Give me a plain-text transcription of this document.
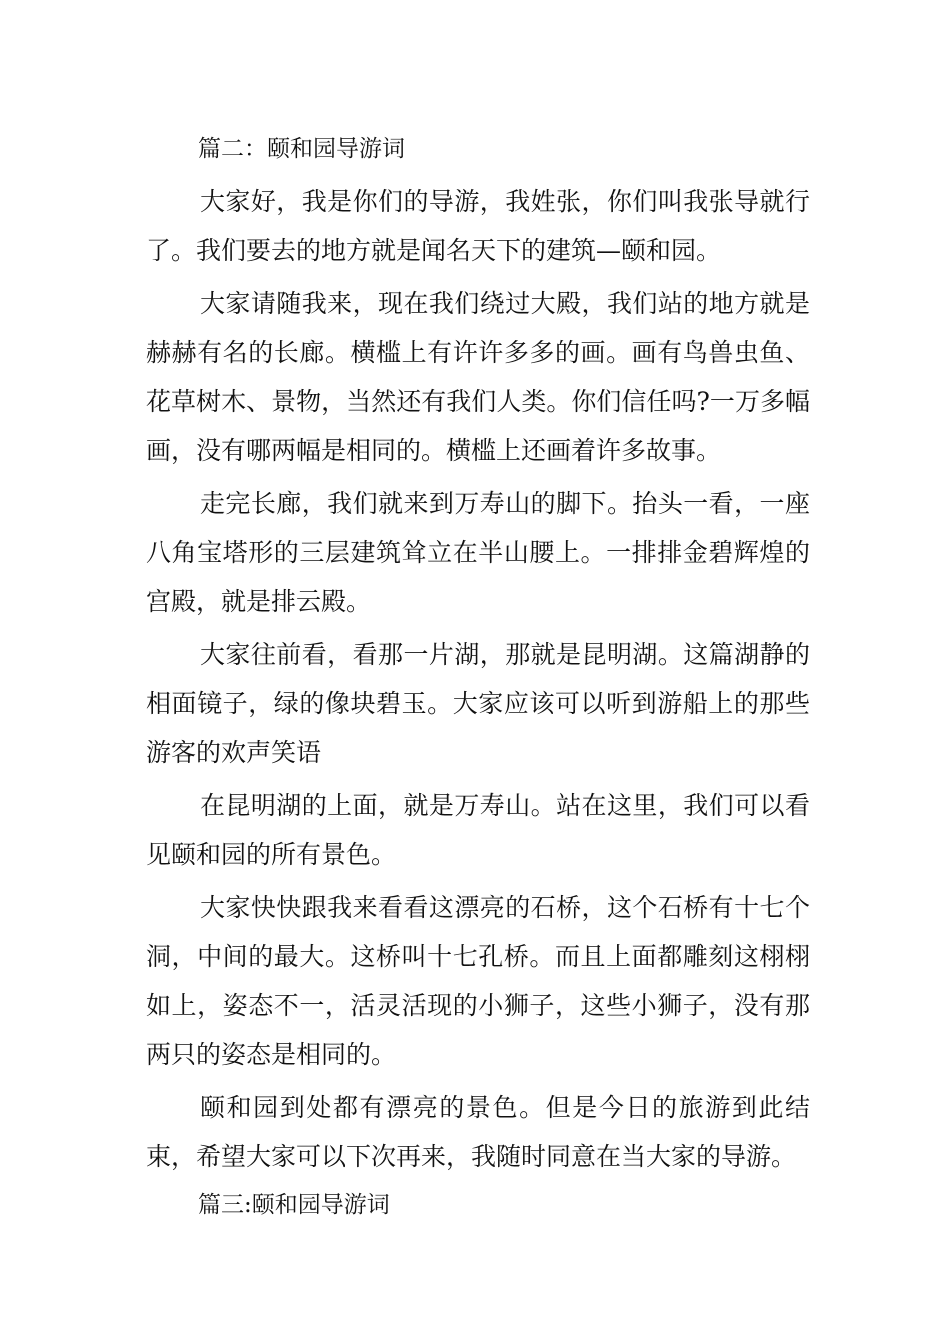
篇二：颐和园导游词

大家好，我是你们的导游，我姓张，你们叫我张导就行了。我们要去的地方就是闻名天下的建筑—颐和园。

大家请随我来，现在我们绕过大殿，我们站的地方就是赫赫有名的长廊。横槛上有许许多多的画。画有鸟兽虫鱼、花草树木、景物，当然还有我们人类。你们信任吗?一万多幅画，没有哪两幅是相同的。横槛上还画着许多故事。

走完长廊，我们就来到万寿山的脚下。抬头一看，一座八角宝塔形的三层建筑耸立在半山腰上。一排排金碧辉煌的宫殿，就是排云殿。

大家往前看，看那一片湖，那就是昆明湖。这篇湖静的相面镜子，绿的像块碧玉。大家应该可以听到游船上的那些游客的欢声笑语

在昆明湖的上面，就是万寿山。站在这里，我们可以看见颐和园的所有景色。

大家快快跟我来看看这漂亮的石桥，这个石桥有十七个洞，中间的最大。这桥叫十七孔桥。而且上面都雕刻这栩栩如上，姿态不一，活灵活现的小狮子，这些小狮子，没有那两只的姿态是相同的。

颐和园到处都有漂亮的景色。但是今日的旅游到此结束，希望大家可以下次再来，我随时同意在当大家的导游。

篇三:颐和园导游词
